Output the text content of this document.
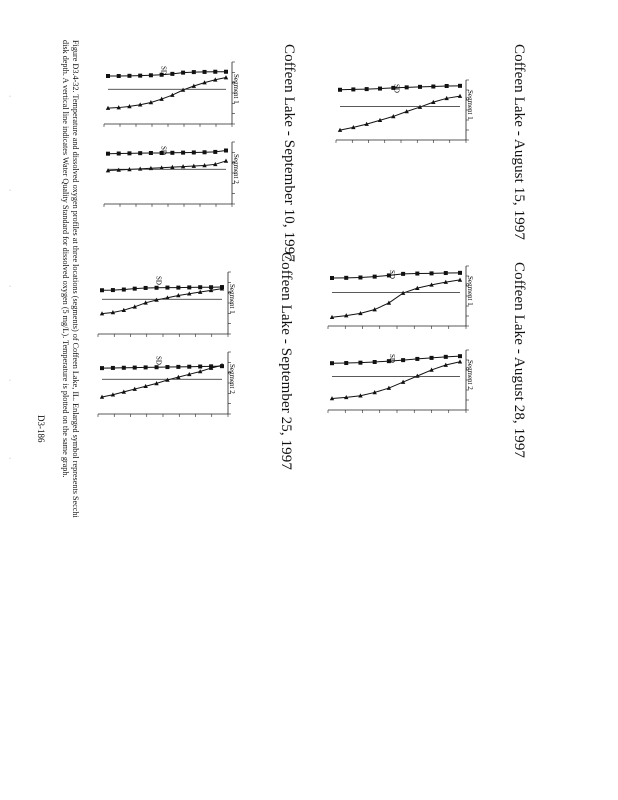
Coffeen Lake - August 15, 1997
Coffeen Lake - August 28, 1997
Coffeen Lake - September 10, 1997
Coffeen Lake - September 25, 1997
SD
Segment 1
SD
Segment 1
SD
Segment 2
SD
Segment 1
SD
Segment 2
SD
Segment 1
SD
Segment 2
Figure D3.4-32. Temperature and dissolved oxygen profiles at three locations (segments) of Coffeen Lake, IL. Enlarged symbol represents Secchi
disk depth. A vertical line indicates Water Quality Standard for dissolved oxygen (5 mg/L). Temperature is plotted on the same graph.
D3-186
·
·
·
·
·
